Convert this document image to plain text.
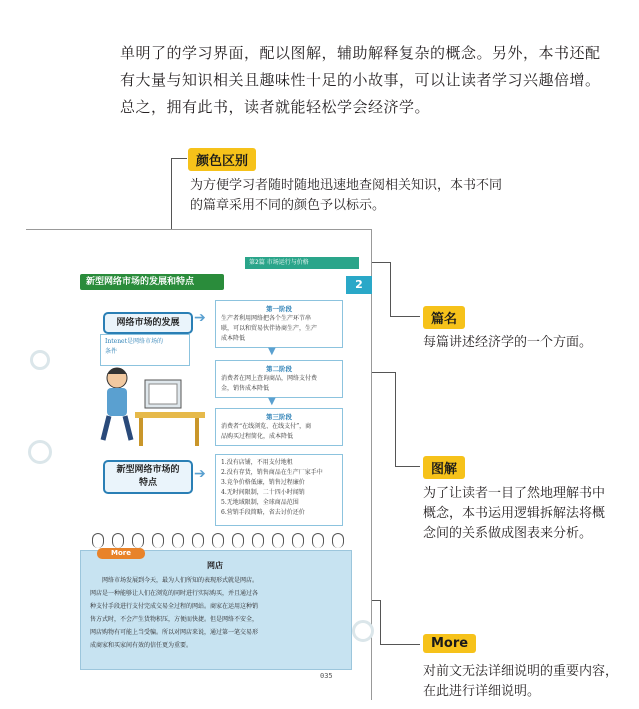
单明了的学习界面，配以图解，辅助解释复杂的概念。另外，本书还配
有大量与知识相关且趣味性十足的小故事，可以让读者学习兴趣倍增。
总之，拥有此书，读者就能轻松学会经济学。
颜色区别
为方便学习者随时随地迅速地查阅相关知识，本书不同
的篇章采用不同的颜色予以标示。
篇名
每篇讲述经济学的一个方面。
图解
为了让读者一目了然地理解书中
概念，本书运用逻辑拆解法将概
念间的关系做成图表来分析。
More
对前文无法详细说明的重要内容，
在此进行详细说明。
第2篇 市场运行与价格
新型网络市场的发展和特点	2
网络市场的发展
Intenet是网络市场的
条件
➔
第一阶段
生产者利用网络把各个生产环节串
联，可以和贸易伙伴协商生产，生产
成本降低
▼
第二阶段
消费者在网上查询商品，网络支付费
金，销售成本降低
▼
第三阶段
消费者“在线浏览、在线支付”，商
品购买过程简化，成本降低
新型网络市场的
特点
➔
1.没有店铺，不用支付地租
2.没有存货，销售商品在生产厂家手中
3.竞争价格低廉，销售过程廉价
4.无时间限制，二十四小时闻销
5.无地域限制，全球商品范围
6.营销手段简略，省去讨价还价
More
网店
网络市场发展到今天，最为人们所知的表现形式就是网店。
网店是一种能够让人们在浏览的同时进行实际购买，并且通过各
种支付手段进行支付完成交易全过程的网站。商家在运用这种销
售方式时，不会产生货物积压，方便而快捷。但是网络不安全，
网店购物有可能上当受骗。所以对网店来说，通过第一笔交易形
成商家和买家间有效的信任更为重要。
035
